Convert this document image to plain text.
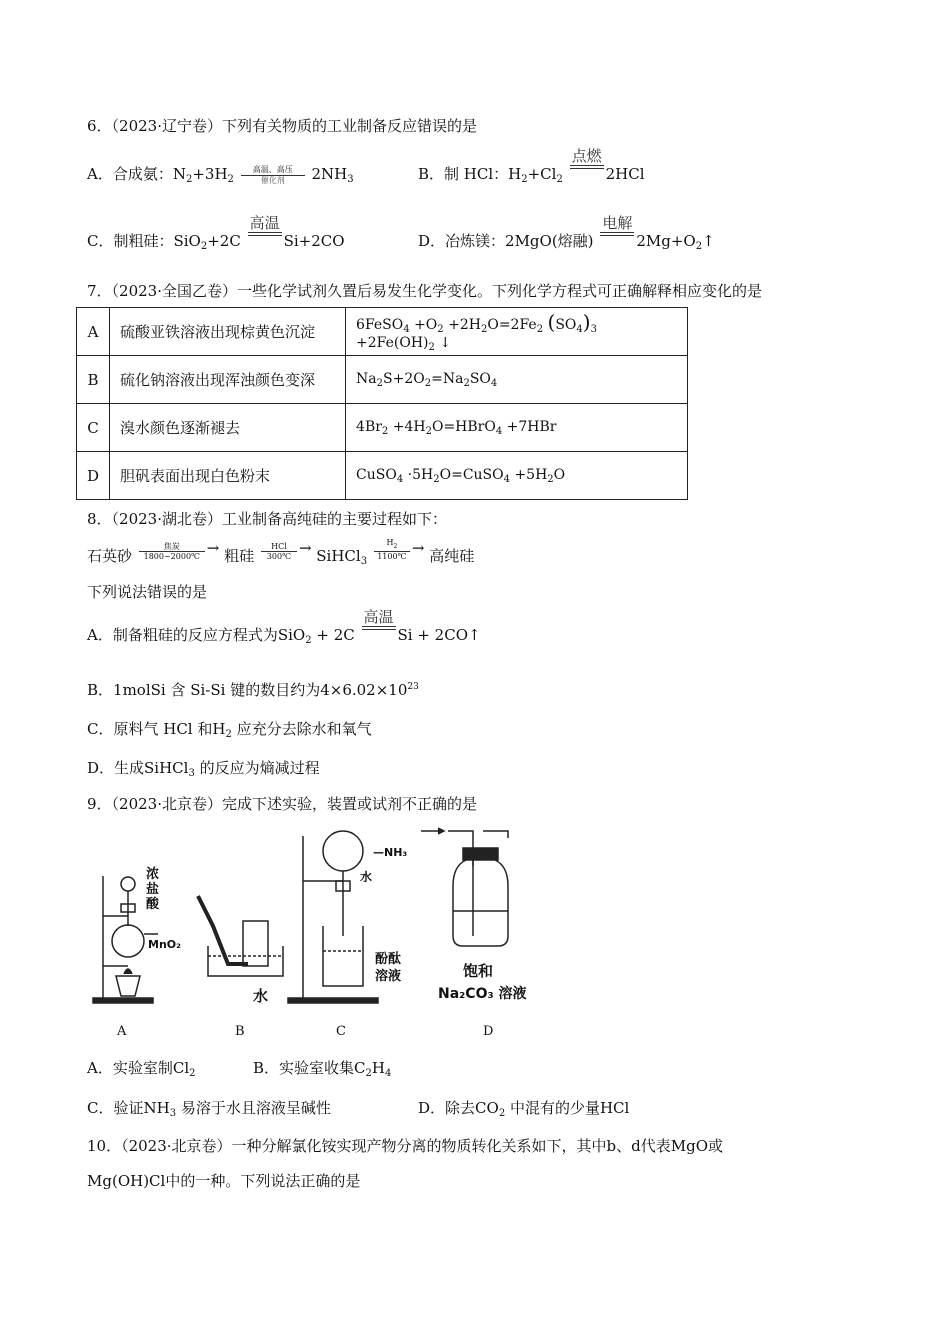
6．（2023·辽宁卷）下列有关物质的工业制备反应错误的是
A．合成氨：$N_2+3H_2$
高温、高压
催化剂	$2NH_3$	B．制 HCl：$H_2+Cl_2$
点燃
2HCl
C．制粗硅：SiO$_2$+2C
高温
Si+2CO	D．冶炼镁：2MgO(熔融)
电解
$2Mg+O_2↑$
7．（2023·全国乙卷）一些化学试剂久置后易发生化学变化。下列化学方程式可正确解释相应变化的是
A	硫酸亚铁溶液出现棕黄色沉淀	6FeSO$_4$ $+O_2 +2H_2O=2Fe_2$ $(SO_4)_3 +2Fe(OH)_2$ ↓
B	硫化钠溶液出现浑浊颜色变深	$Na_2S+2O_2=Na_2SO_4$
C	溴水颜色逐渐褪去	$4Br_2$ $+4H_2O=HBrO_4 +7HBr$
D	胆矾表面出现白色粉末	CuSO$_4$ $\cdot 5H_2O=CuSO_4 +5H_2O$
8．（2023·湖北卷）工业制备高纯硅的主要过程如下：
石英砂
焦炭
1800~2000℃ → 粗硅
HCl
300℃ → SiHCl$_3$ $\frac{H_2}{1100℃}$ → 高纯硅
下列说法错误的是
A．制备粗硅的反应方程式为SiO$_2$ + 2C
高温
Si + 2CO↑
B．1molSi 含 Si-Si 键的数目约为$4\times 6.02\times 10^{23}$
C．原料气 HCl 和$H_2$ 应充分去除水和氧气
D．生成SiHCl$_3$ 的反应为熵减过程
9．（2023·北京卷）完成下述实验，装置或试剂不正确的是
浓
盐
酸
MnO₂
水
—NH₃
水
酚酞
溶液	饱和
Na₂CO₃ 溶液
A	B	C	D
A．实验室制$Cl_2$	B．实验室收集$C_2H_4$
C．验证$NH_3$ 易溶于水且溶液呈碱性	D．除去$CO_2$ 中混有的少量HCl
10．（2023·北京卷）一种分解氯化铵实现产物分离的物质转化关系如下，其中b、d代表MgO或
Mg(OH)Cl中的一种。下列说法正确的是
